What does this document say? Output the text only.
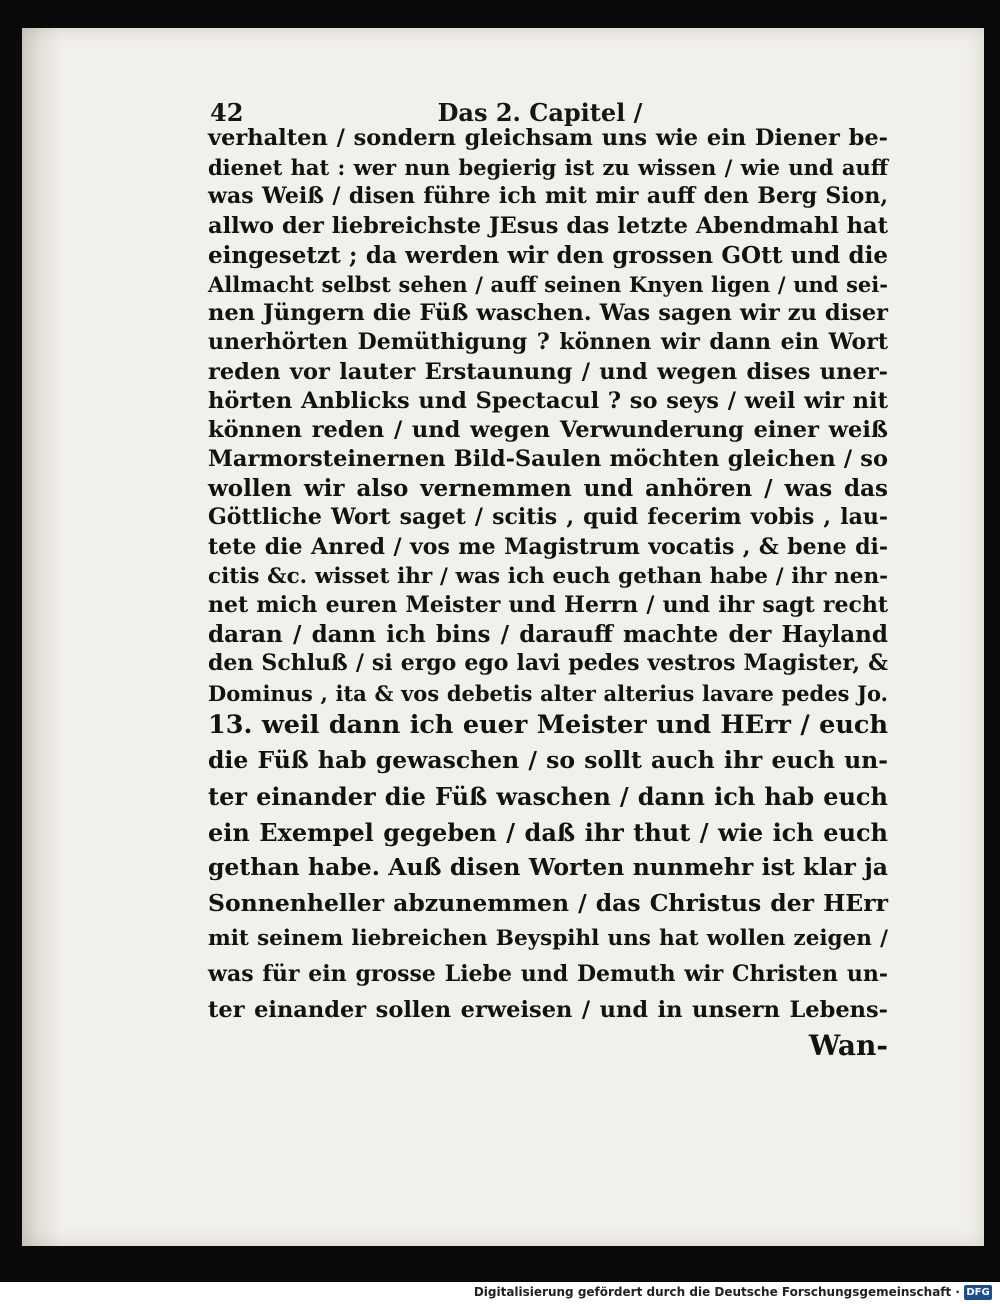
42	Das 2. Capitel /
verhalten / sondern gleichsam uns wie ein Diener be-
dienet hat : wer nun begierig ist zu wissen / wie und auff
was Weiß / disen führe ich mit mir auff den Berg Sion,
allwo der liebreichste JEsus das letzte Abendmahl hat
eingesetzt ; da werden wir den grossen GOtt und die
Allmacht selbst sehen / auff seinen Knyen ligen / und sei-
nen Jüngern die Füß waschen. Was sagen wir zu diser
unerhörten Demüthigung ? können wir dann ein Wort
reden vor lauter Erstaunung / und wegen dises uner-
hörten Anblicks und Spectacul ? so seys / weil wir nit
können reden / und wegen Verwunderung einer weiß
Marmorsteinernen Bild-Saulen möchten gleichen / so
wollen wir also vernemmen und anhören / was das
Göttliche Wort saget / scitis , quid fecerim vobis , lau-
tete die Anred / vos me Magistrum vocatis , & bene di-
citis &c. wisset ihr / was ich euch gethan habe / ihr nen-
net mich euren Meister und Herrn / und ihr sagt recht
daran / dann ich bins / darauff machte der Hayland
den Schluß / si ergo ego lavi pedes vestros Magister, &
Dominus , ita & vos debetis alter alterius lavare pedes Jo.
13. weil dann ich euer Meister und HErr / euch
die Füß hab gewaschen / so sollt auch ihr euch un-
ter einander die Füß waschen / dann ich hab euch
ein Exempel gegeben / daß ihr thut / wie ich euch
gethan habe. Auß disen Worten nunmehr ist klar ja
Sonnenheller abzunemmen / das Christus der HErr
mit seinem liebreichen Beyspihl uns hat wollen zeigen /
was für ein grosse Liebe und Demuth wir Christen un-
ter einander sollen erweisen / und in unsern Lebens-
Wan-
Digitalisierung gefördert durch die Deutsche Forschungsgemeinschaft · DFG
